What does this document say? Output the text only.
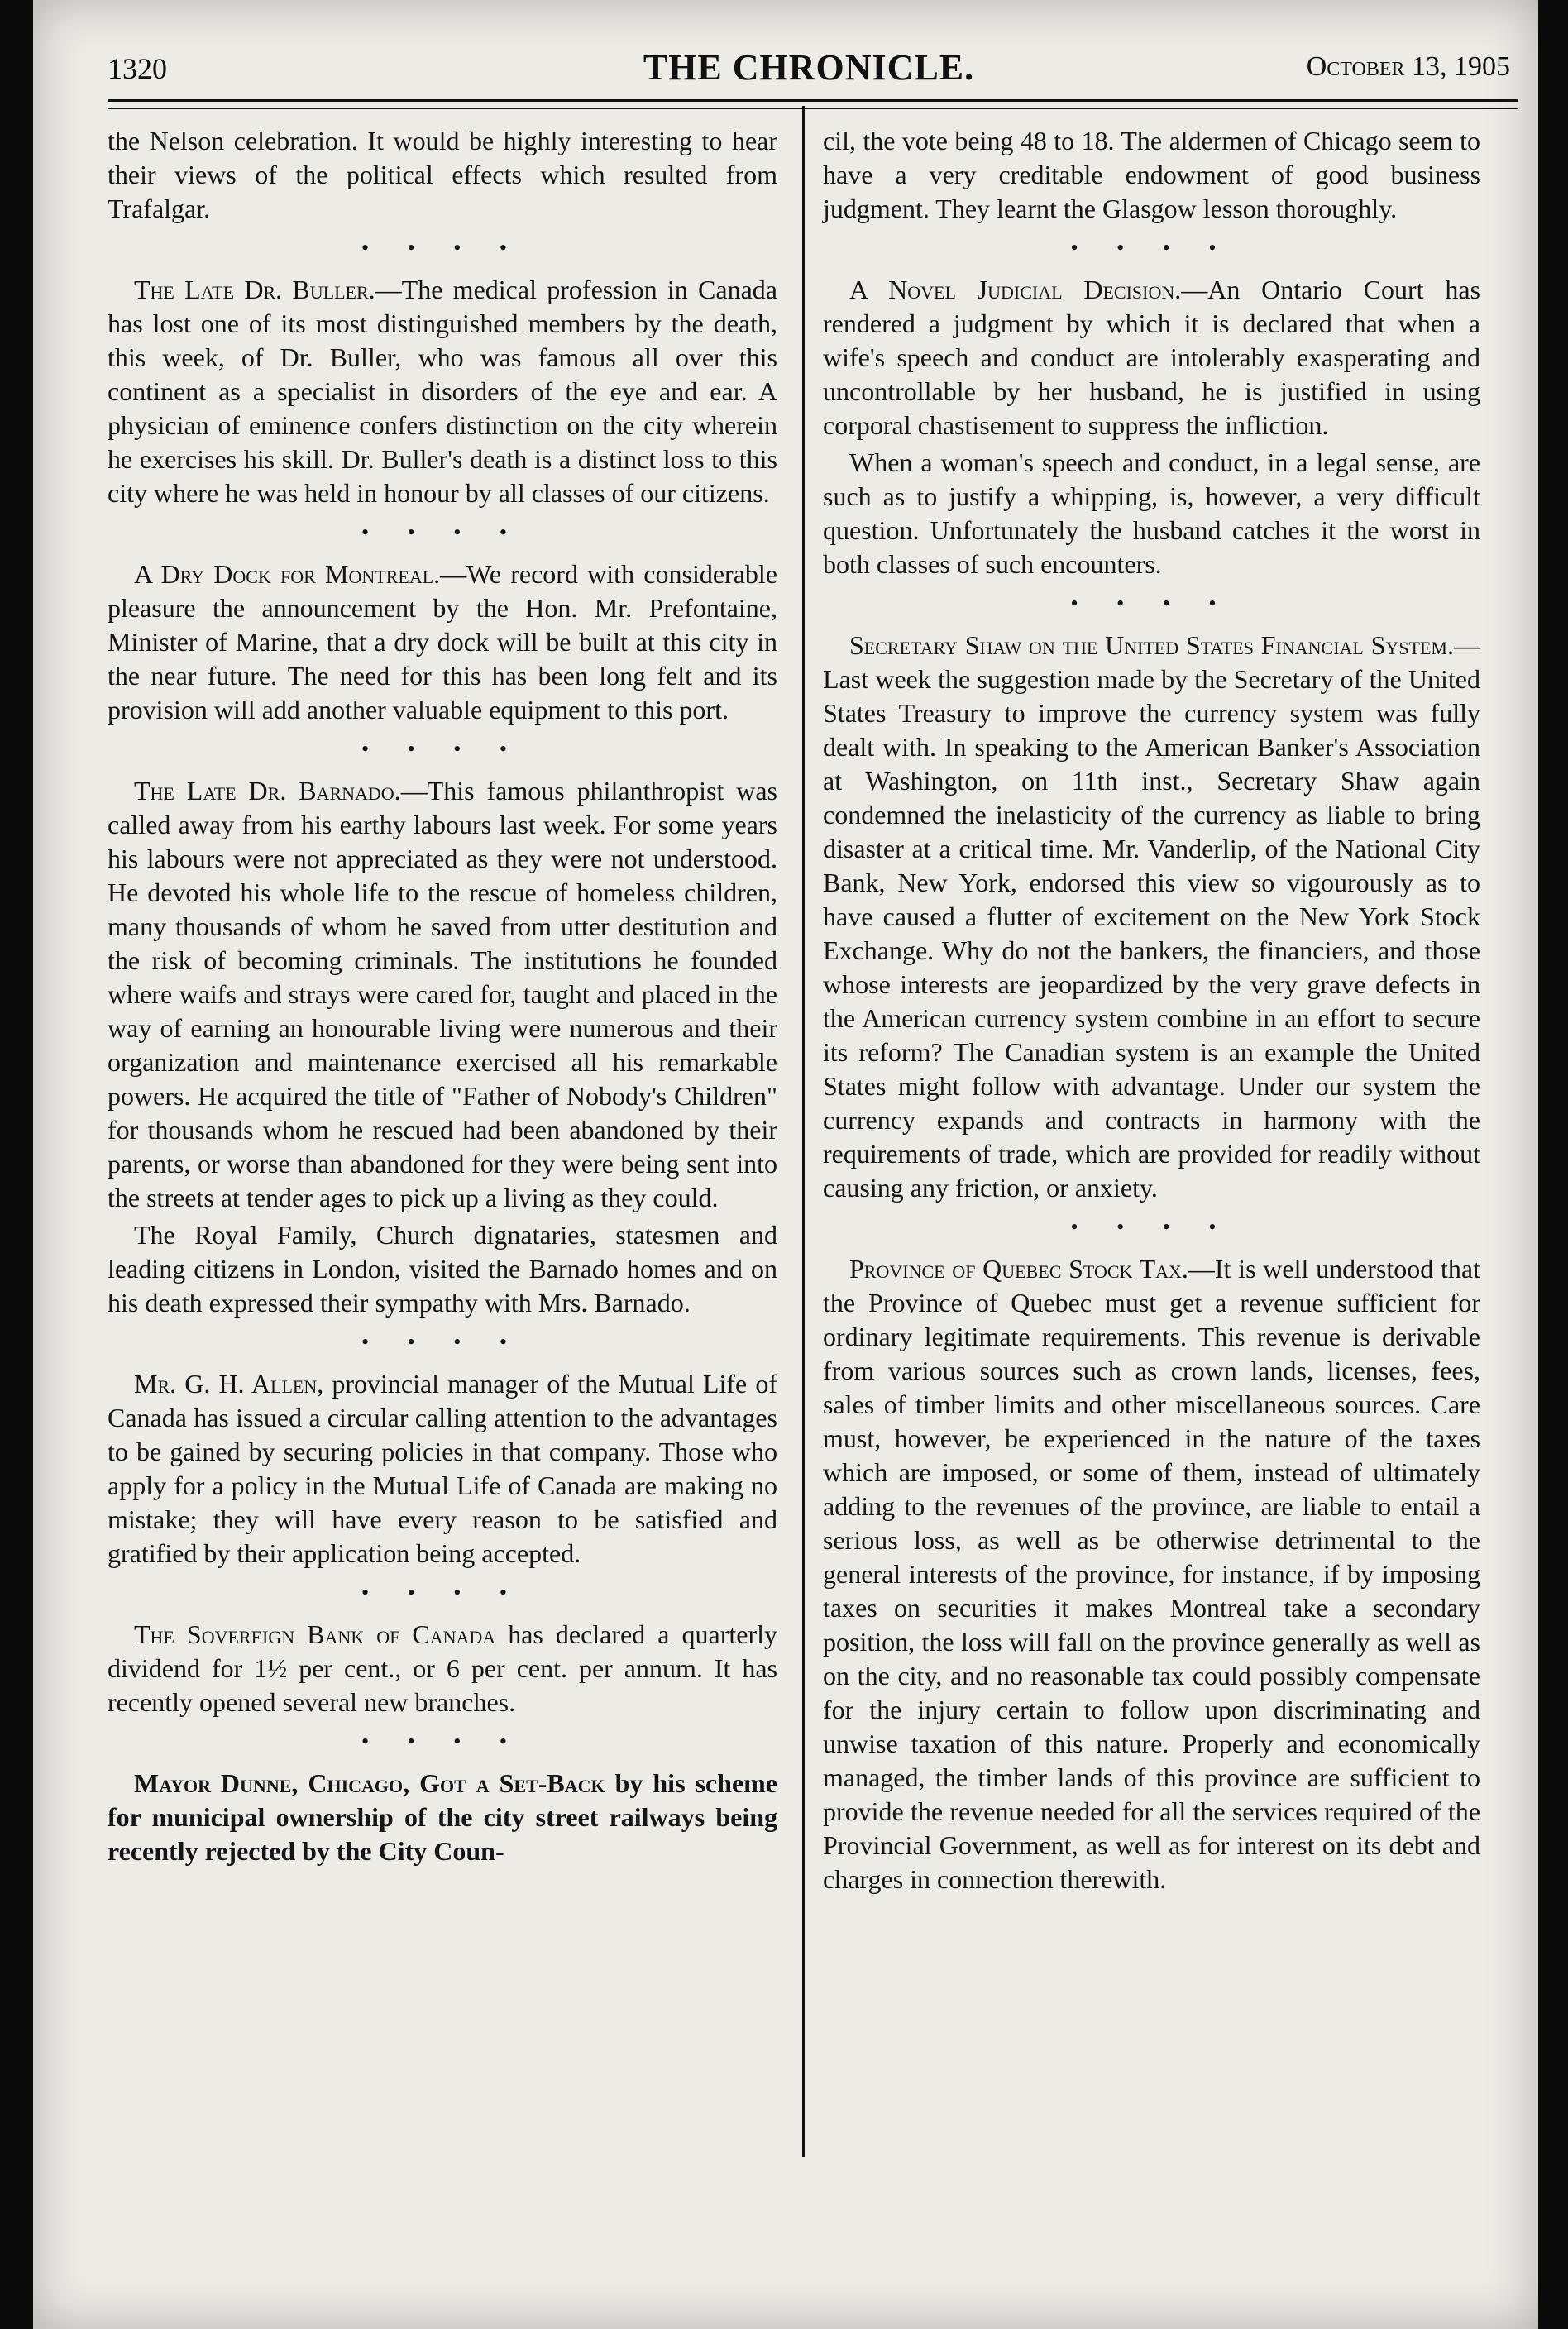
1320	THE CHRONICLE.	October 13, 1905

the Nelson celebration. It would be highly interesting to hear their views of the political effects which resulted from Trafalgar.

• • • •

The Late Dr. Buller.—The medical profession in Canada has lost one of its most distinguished members by the death, this week, of Dr. Buller, who was famous all over this continent as a specialist in disorders of the eye and ear. A physician of eminence confers distinction on the city wherein he exercises his skill. Dr. Buller's death is a distinct loss to this city where he was held in honour by all classes of our citizens.

• • • •

A Dry Dock for Montreal.—We record with considerable pleasure the announcement by the Hon. Mr. Prefontaine, Minister of Marine, that a dry dock will be built at this city in the near future. The need for this has been long felt and its provision will add another valuable equipment to this port.

• • • •

The Late Dr. Barnado.—This famous philanthropist was called away from his earthy labours last week. For some years his labours were not appreciated as they were not understood. He devoted his whole life to the rescue of homeless children, many thousands of whom he saved from utter destitution and the risk of becoming criminals. The institutions he founded where waifs and strays were cared for, taught and placed in the way of earning an honourable living were numerous and their organization and maintenance exercised all his remarkable powers. He acquired the title of "Father of Nobody's Children" for thousands whom he rescued had been abandoned by their parents, or worse than abandoned for they were being sent into the streets at tender ages to pick up a living as they could.

The Royal Family, Church dignataries, statesmen and leading citizens in London, visited the Barnado homes and on his death expressed their sympathy with Mrs. Barnado.

• • • •

Mr. G. H. Allen, provincial manager of the Mutual Life of Canada has issued a circular calling attention to the advantages to be gained by securing policies in that company. Those who apply for a policy in the Mutual Life of Canada are making no mistake; they will have every reason to be satisfied and gratified by their application being accepted.

• • • •

The Sovereign Bank of Canada has declared a quarterly dividend for 1½ per cent., or 6 per cent. per annum. It has recently opened several new branches.

• • • •

Mayor Dunne, Chicago, Got a Set-Back by his scheme for municipal ownership of the city street railways being recently rejected by the City Coun-

cil, the vote being 48 to 18. The aldermen of Chicago seem to have a very creditable endowment of good business judgment. They learnt the Glasgow lesson thoroughly.

• • • •

A Novel Judicial Decision.—An Ontario Court has rendered a judgment by which it is declared that when a wife's speech and conduct are intolerably exasperating and uncontrollable by her husband, he is justified in using corporal chastisement to suppress the infliction.

When a woman's speech and conduct, in a legal sense, are such as to justify a whipping, is, however, a very difficult question. Unfortunately the husband catches it the worst in both classes of such encounters.

• • • •

Secretary Shaw on the United States Financial System.—Last week the suggestion made by the Secretary of the United States Treasury to improve the currency system was fully dealt with. In speaking to the American Banker's Association at Washington, on 11th inst., Secretary Shaw again condemned the inelasticity of the currency as liable to bring disaster at a critical time. Mr. Vanderlip, of the National City Bank, New York, endorsed this view so vigourously as to have caused a flutter of excitement on the New York Stock Exchange. Why do not the bankers, the financiers, and those whose interests are jeopardized by the very grave defects in the American currency system combine in an effort to secure its reform? The Canadian system is an example the United States might follow with advantage. Under our system the currency expands and contracts in harmony with the requirements of trade, which are provided for readily without causing any friction, or anxiety.

• • • •

Province of Quebec Stock Tax.—It is well understood that the Province of Quebec must get a revenue sufficient for ordinary legitimate requirements. This revenue is derivable from various sources such as crown lands, licenses, fees, sales of timber limits and other miscellaneous sources. Care must, however, be experienced in the nature of the taxes which are imposed, or some of them, instead of ultimately adding to the revenues of the province, are liable to entail a serious loss, as well as be otherwise detrimental to the general interests of the province, for instance, if by imposing taxes on securities it makes Montreal take a secondary position, the loss will fall on the province generally as well as on the city, and no reasonable tax could possibly compensate for the injury certain to follow upon discriminating and unwise taxation of this nature. Properly and economically managed, the timber lands of this province are sufficient to provide the revenue needed for all the services required of the Provincial Government, as well as for interest on its debt and charges in connection therewith.
